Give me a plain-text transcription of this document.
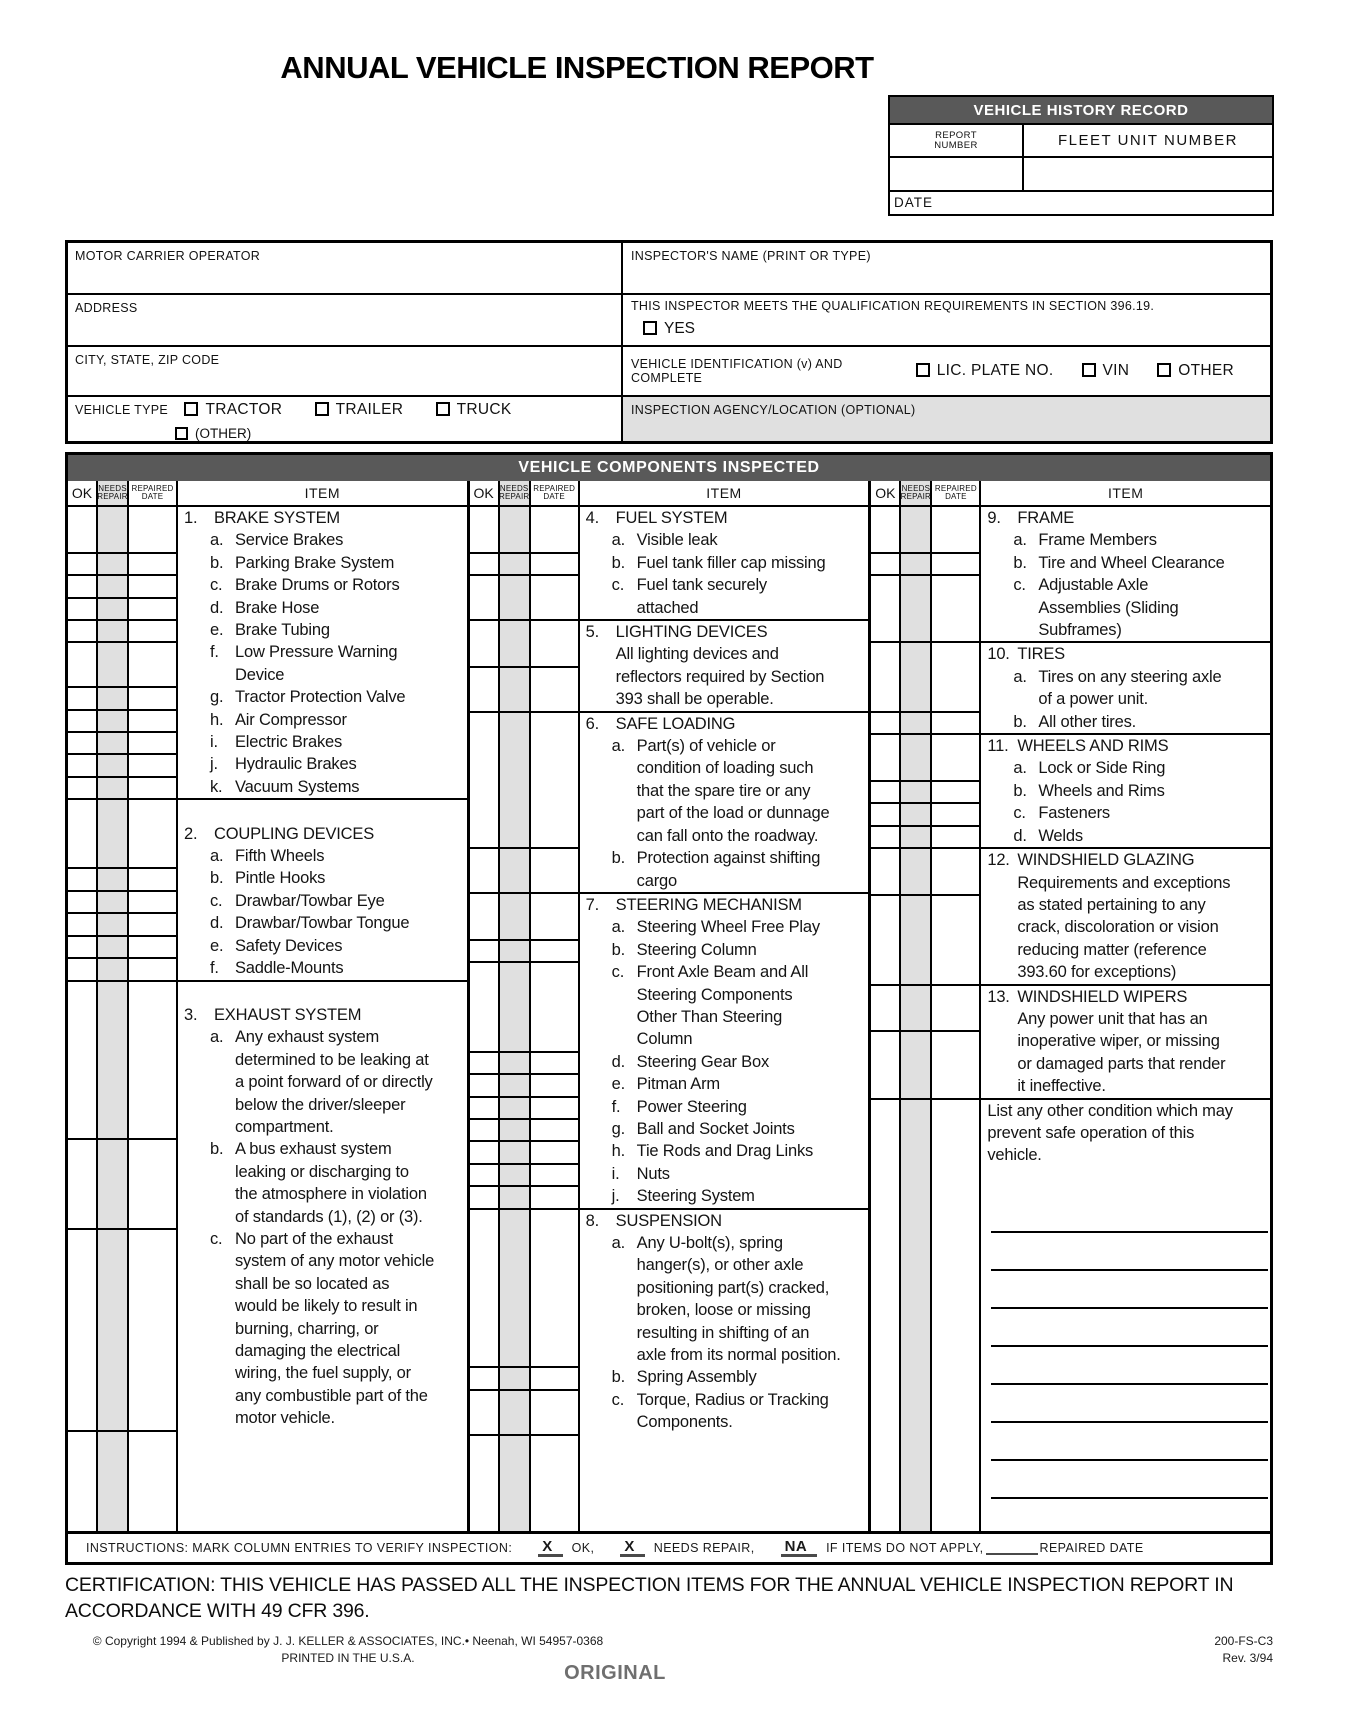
ANNUAL VEHICLE INSPECTION REPORT
VEHICLE HISTORY RECORD
REPORT
NUMBER	FLEET UNIT NUMBER
DATE
MOTOR CARRIER OPERATOR	INSPECTOR'S NAME (PRINT OR TYPE)
ADDRESS	THIS INSPECTOR MEETS THE QUALIFICATION REQUIREMENTS IN SECTION 396.19.
YES
CITY, STATE, ZIP CODE	VEHICLE IDENTIFICATION (v) AND COMPLETE	LIC. PLATE NO.	VIN	OTHER
VEHICLE TYPE TRACTOR	TRAILER	TRUCK
(OTHER)
INSPECTION AGENCY/LOCATION (OPTIONAL)
VEHICLE COMPONENTS INSPECTED
OK NEEDS
REPAIR
REPAIRED
DATE	ITEM
1. BRAKE SYSTEM
a. Service Brakes
b. Parking Brake System
c. Brake Drums or Rotors
d. Brake Hose
e. Brake Tubing
f. Low Pressure Warning
Device
g. Tractor Protection Valve
h. Air Compressor
i. Electric Brakes
j. Hydraulic Brakes
k. Vacuum Systems
2. COUPLING DEVICES
a. Fifth Wheels
b. Pintle Hooks
c. Drawbar/Towbar Eye
d. Drawbar/Towbar Tongue
e. Safety Devices
f. Saddle-Mounts
3. EXHAUST SYSTEM
a. Any exhaust system
determined to be leaking at
a point forward of or directly
below the driver/sleeper
compartment.
b. A bus exhaust system
leaking or discharging to
the atmosphere in violation
of standards (1), (2) or (3).
c. No part of the exhaust
system of any motor vehicle
shall be so located as
would be likely to result in
burning, charring, or
damaging the electrical
wiring, the fuel supply, or
any combustible part of the
motor vehicle.
OK NEEDS
REPAIR
REPAIRED
DATE	ITEM
4. FUEL SYSTEM
a. Visible leak
b. Fuel tank filler cap missing
c. Fuel tank securely
attached
5. LIGHTING DEVICES
All lighting devices and
reflectors required by Section
393 shall be operable.
6. SAFE LOADING
a. Part(s) of vehicle or
condition of loading such
that the spare tire or any
part of the load or dunnage
can fall onto the roadway.
b. Protection against shifting
cargo
7. STEERING MECHANISM
a. Steering Wheel Free Play
b. Steering Column
c. Front Axle Beam and All
Steering Components
Other Than Steering
Column
d. Steering Gear Box
e. Pitman Arm
f. Power Steering
g. Ball and Socket Joints
h. Tie Rods and Drag Links
i. Nuts
j. Steering System
8. SUSPENSION
a. Any U-bolt(s), spring
hanger(s), or other axle
positioning part(s) cracked,
broken, loose or missing
resulting in shifting of an
axle from its normal position.
b. Spring Assembly
c. Torque, Radius or Tracking
Components.
OK NEEDS
REPAIR
REPAIRED
DATE	ITEM
9. FRAME
a. Frame Members
b. Tire and Wheel Clearance
c. Adjustable Axle
Assemblies (Sliding
Subframes)
10. TIRES
a. Tires on any steering axle
of a power unit.
b. All other tires.
11. WHEELS AND RIMS
a. Lock or Side Ring
b. Wheels and Rims
c. Fasteners
d. Welds
12. WINDSHIELD GLAZING
Requirements and exceptions
as stated pertaining to any
crack, discoloration or vision
reducing matter (reference
393.60 for exceptions)
13. WINDSHIELD WIPERS
Any power unit that has an
inoperative wiper, or missing
or damaged parts that render
it ineffective.
List any other condition which may
prevent safe operation of this
vehicle.
INSTRUCTIONS: MARK COLUMN ENTRIES TO VERIFY INSPECTION: X	OK, X	NEEDS REPAIR, NA	IF ITEMS DO NOT APPLY,	REPAIRED DATE
CERTIFICATION: THIS VEHICLE HAS PASSED ALL THE INSPECTION ITEMS FOR THE ANNUAL VEHICLE INSPECTION REPORT IN
ACCORDANCE WITH 49 CFR 396.
© Copyright 1994 & Published by J. J. KELLER & ASSOCIATES, INC.• Neenah, WI 54957-0368
PRINTED IN THE U.S.A.
200-FS-C3
Rev. 3/94
ORIGINAL
